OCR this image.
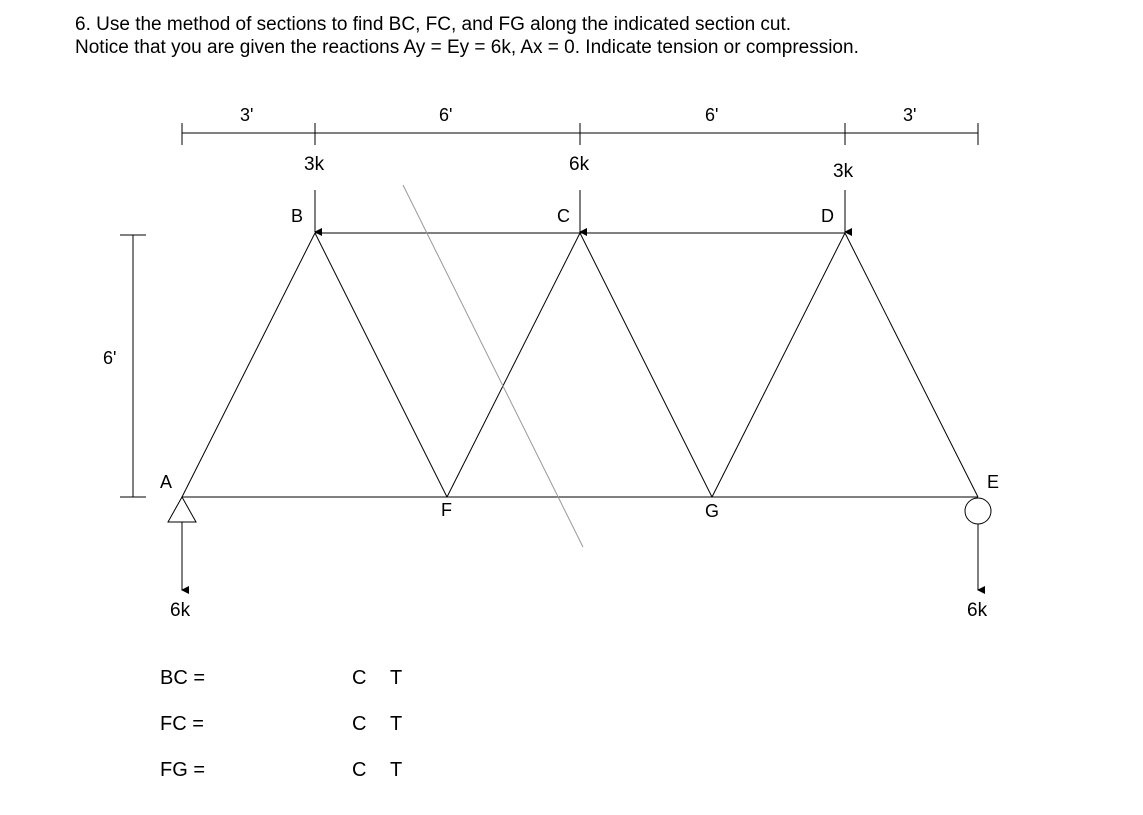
6. Use the method of sections to find BC, FC, and FG along the indicated section cut.
Notice that you are given the reactions Ay = Ey = 6k, Ax = 0. Indicate tension or compression.
3'	6'	6'	3'
6'
3k	6k	3k
A
B	C	D
E
F	G
6k	6k
BC =	C T
FC =	C T
FG =	C T
